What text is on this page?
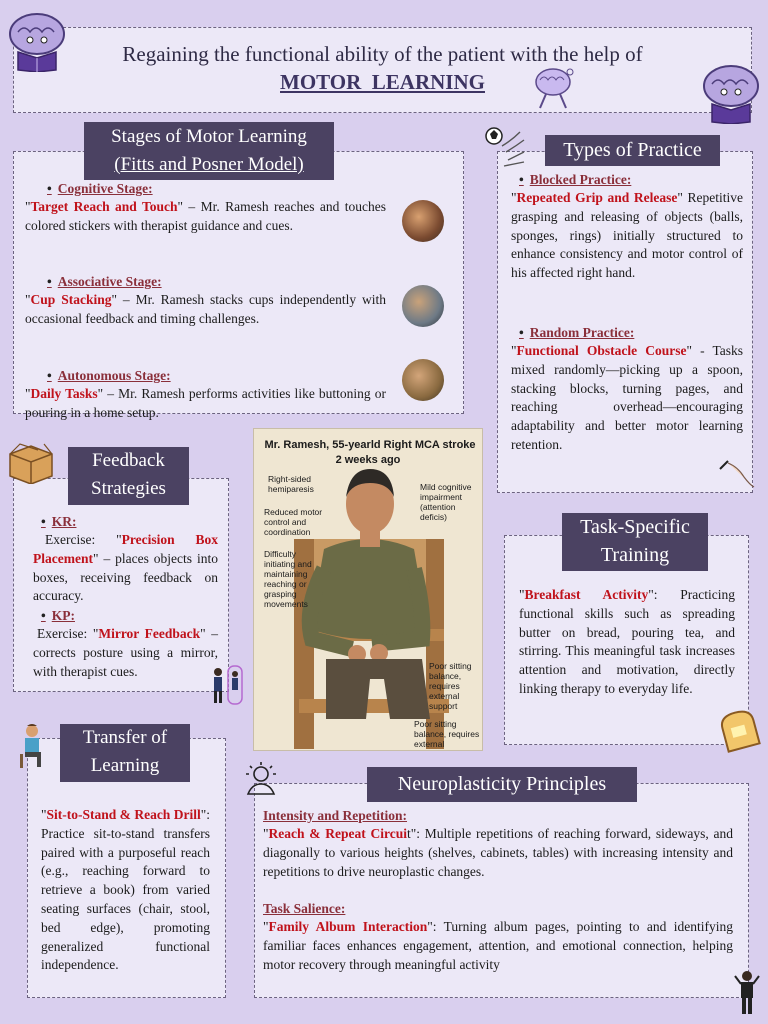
Regaining the functional ability of the patient with the help of
MOTOR  LEARNING
Stages of Motor Learning
(Fitts and Posner Model)
• Cognitive Stage:

"Target Reach and Touch" – Mr. Ramesh reaches and touches colored stickers with therapist guidance and cues.

• Associative Stage:

"Cup Stacking" – Mr. Ramesh stacks cups independently with occasional feedback and timing challenges.

• Autonomous Stage:

"Daily Tasks" – Mr. Ramesh performs activities like buttoning or pouring in a home setup.

Types of Practice
• Blocked Practice:

"Repeated Grip and Release" Repetitive grasping and releasing of objects (balls, sponges, rings) initially structured to enhance consistency and motor control of his affected right hand.

• Random Practice:

"Functional Obstacle Course" - Tasks mixed randomly—picking up a spoon, stacking blocks, turning pages, and reaching overhead—encouraging adaptability and better motor learning retention.

Feedback
Strategies
• KR:

Exercise: "Precision Box Placement" – places objects into boxes, receiving feedback on accuracy.

• KP:

Exercise: "Mirror Feedback" – corrects posture using a mirror, with therapist cues.

Mr. Ramesh, 55-yearld Right MCA stroke
2 weeks ago
Right-sided hemiparesis	Mild cognitive impairment (attention deficis)
Reduced motor control and coordination
Difficulty initiating and maintaining reaching or grasping movements
Poor sitting balance, requires external support
Poor sitting balance, requires external
Task-Specific
Training

"Breakfast Activity": Practicing functional skills such as spreading butter on bread, pouring tea, and stirring. This meaningful task increases attention and motivation, directly linking therapy to everyday life.

Transfer of
Learning

"Sit-to-Stand & Reach Drill": Practice sit-to-stand transfers paired with a purposeful reach (e.g., reaching forward to retrieve a book) from varied seating surfaces (chair, stool, bed edge), promoting generalized functional independence.

Neuroplasticity Principles
Intensity and Repetition:

"Reach & Repeat Circuit": Multiple repetitions of reaching forward, sideways, and diagonally to various heights (shelves, cabinets, tables) with increasing intensity and repetitions to drive neuroplastic changes.

Task Salience:

"Family Album Interaction": Turning album pages, pointing to and identifying familiar faces enhances engagement, attention, and emotional connection, helping motor recovery through meaningful activity
